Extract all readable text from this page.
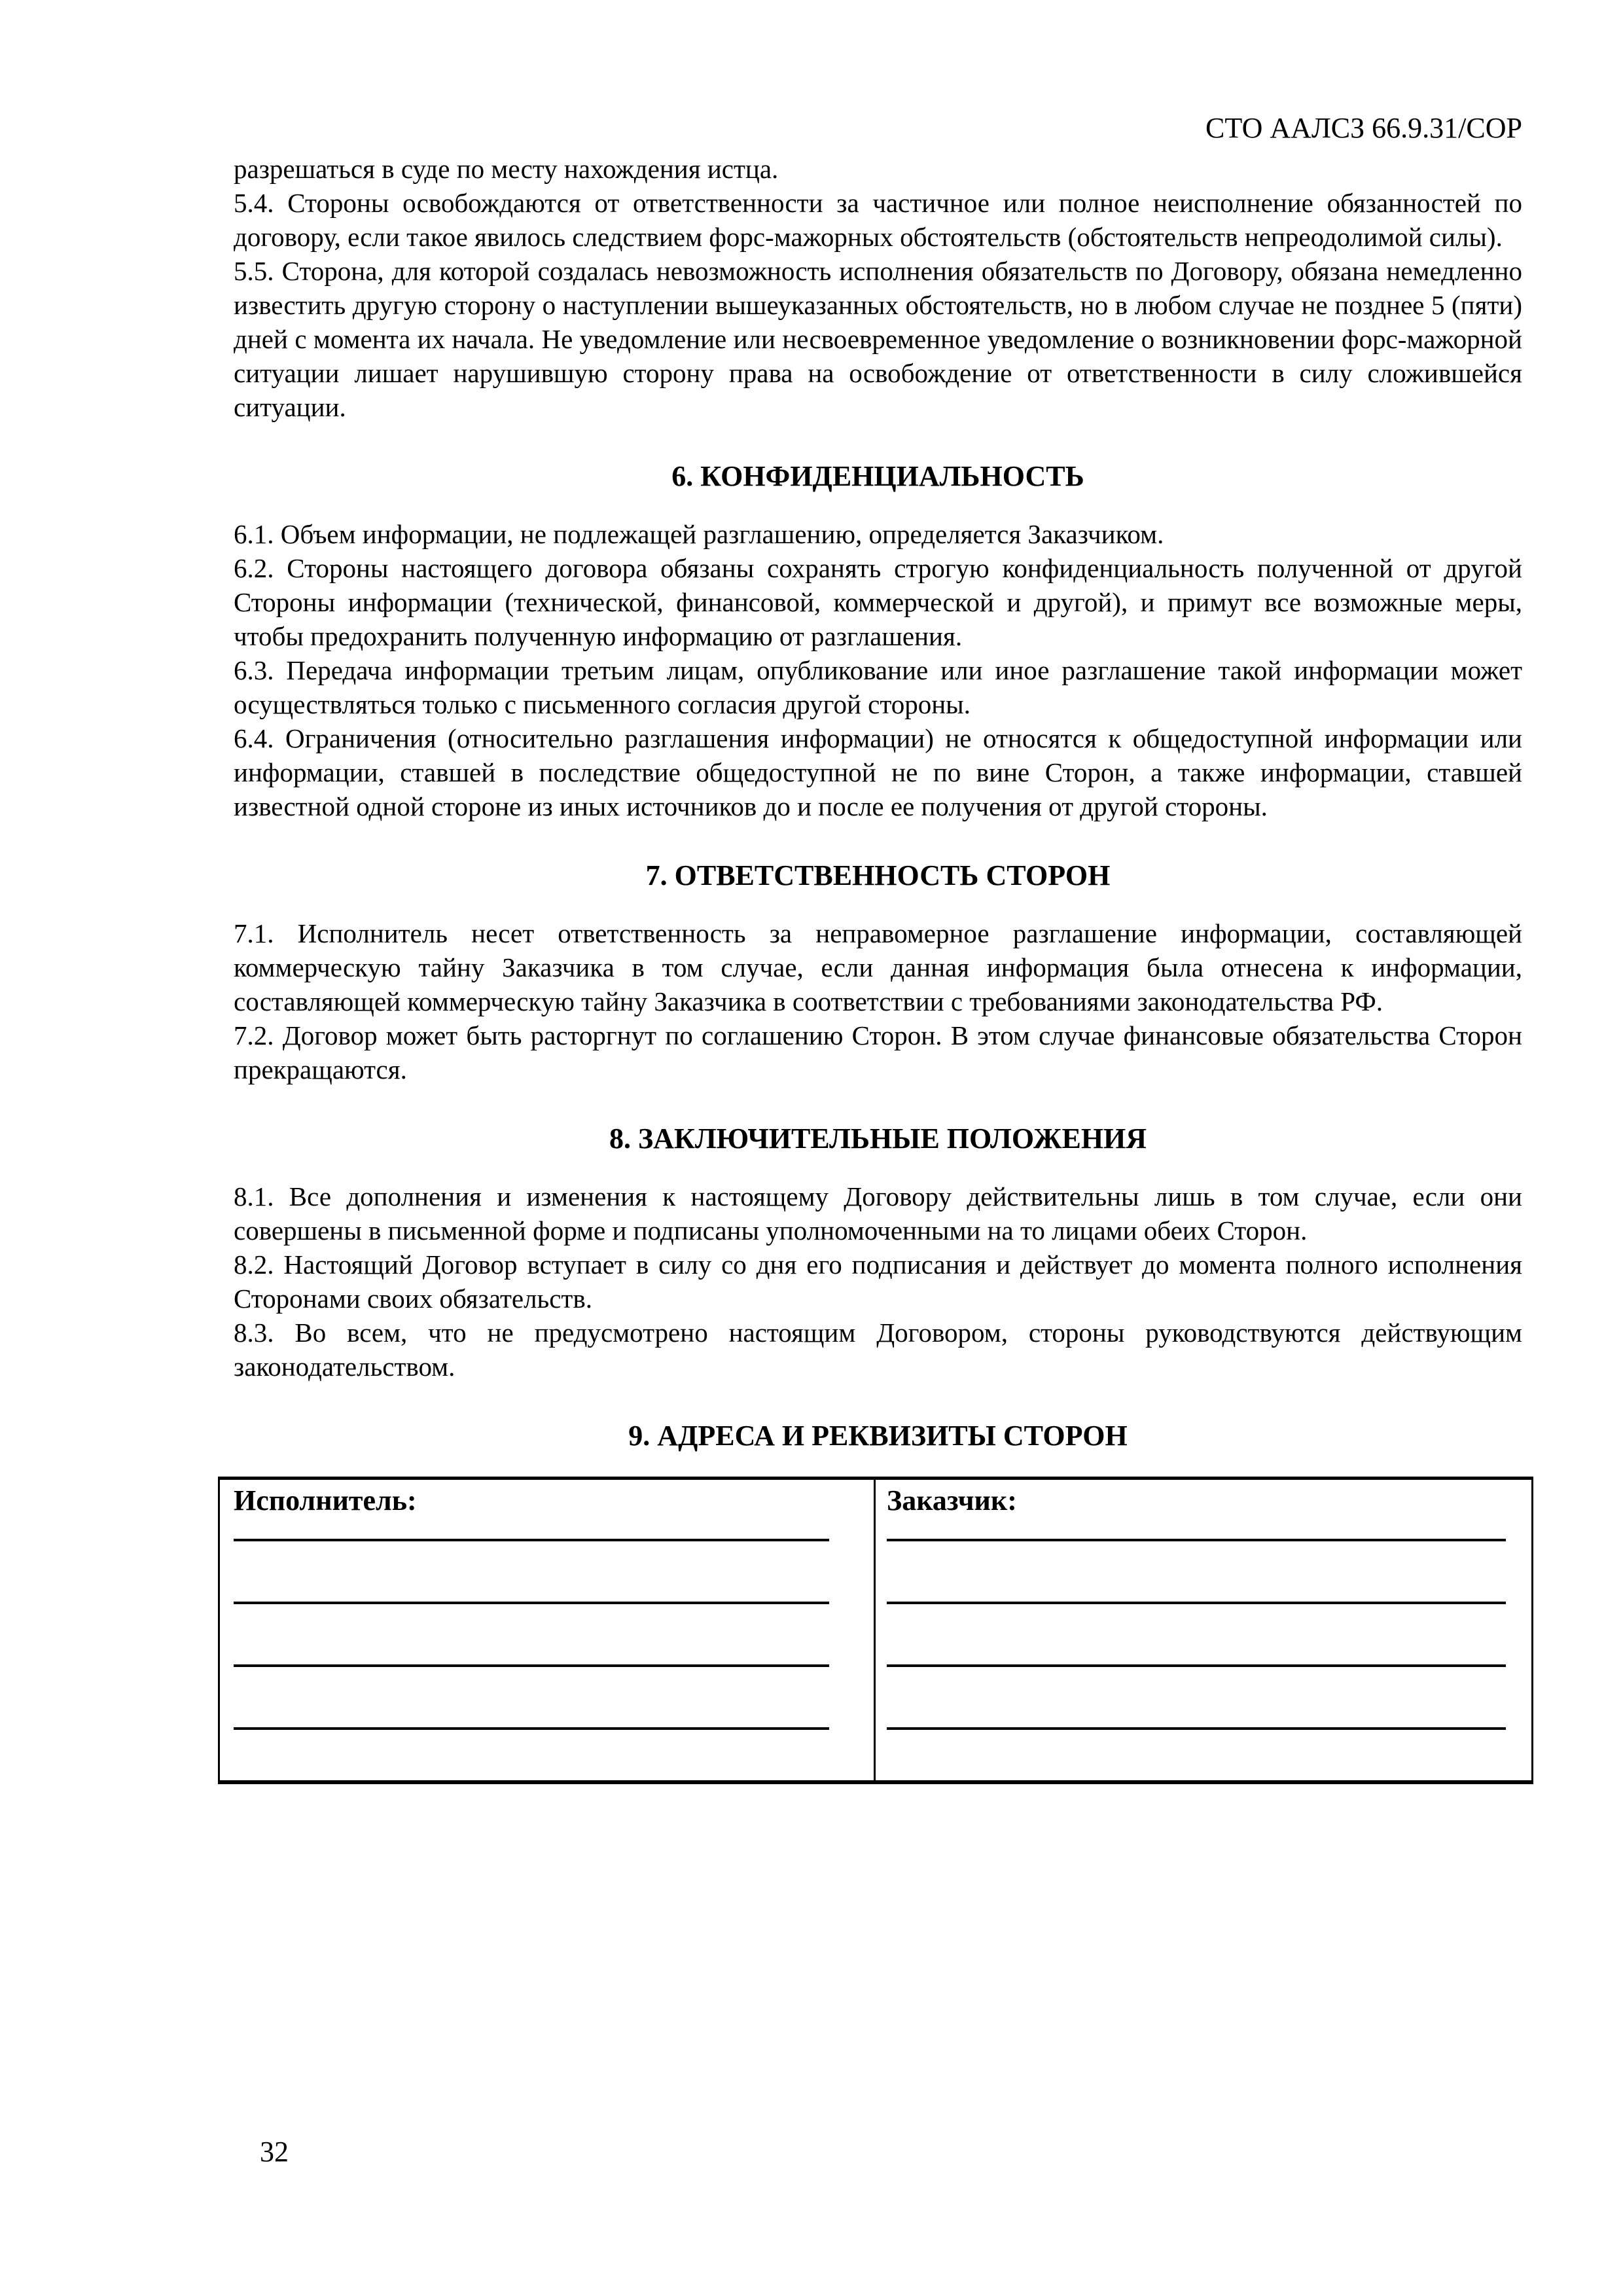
СТО ААЛСЗ 66.9.31/СОР

разрешаться в суде по месту нахождения истца.

5.4. Стороны освобождаются от ответственности за частичное или полное неисполнение обязанностей по договору, если такое явилось следствием форс-мажорных обстоятельств (обстоятельств непреодолимой силы).

5.5. Сторона, для которой создалась невозможность исполнения обязательств по Договору, обязана немедленно известить другую сторону о наступлении вышеуказанных обстоятельств, но в любом случае не позднее 5 (пяти) дней с момента их начала. Не уведомление или несвоевременное уведомление о возникновении форс-мажорной ситуации лишает нарушившую сторону права на освобождение от ответственности в силу сложившейся ситуации.

6. КОНФИДЕНЦИАЛЬНОСТЬ

6.1. Объем информации, не подлежащей разглашению, определяется Заказчиком.

6.2. Стороны настоящего договора обязаны сохранять строгую конфиденциальность полученной от другой Стороны информации (технической, финансовой, коммерческой и другой), и примут все возможные меры, чтобы предохранить полученную информацию от разглашения.

6.3. Передача информации третьим лицам, опубликование или иное разглашение такой информации может осуществляться только с письменного согласия другой стороны.

6.4. Ограничения (относительно разглашения информации) не относятся к общедоступной информации или информации, ставшей в последствие общедоступной не по вине Сторон, а также информации, ставшей известной одной стороне из иных источников до и после ее получения от другой стороны.

7. ОТВЕТСТВЕННОСТЬ СТОРОН

7.1. Исполнитель несет ответственность за неправомерное разглашение информации, составляющей коммерческую тайну Заказчика в том случае, если данная информация была отнесена к информации, составляющей коммерческую тайну Заказчика в соответствии с требованиями законодательства РФ.

7.2. Договор может быть расторгнут по соглашению Сторон. В этом случае финансовые обязательства Сторон прекращаются.

8. ЗАКЛЮЧИТЕЛЬНЫЕ ПОЛОЖЕНИЯ

8.1. Все дополнения и изменения к настоящему Договору действительны лишь в том случае, если они совершены в письменной форме и подписаны уполномоченными на то лицами обеих Сторон.

8.2. Настоящий Договор вступает в силу со дня его подписания и действует до момента полного исполнения Сторонами своих обязательств.

8.3. Во всем, что не предусмотрено настоящим Договором, стороны руководствуются действующим законодательством.

9. АДРЕСА И РЕКВИЗИТЫ СТОРОН
Исполнитель:	Заказчик:
32
